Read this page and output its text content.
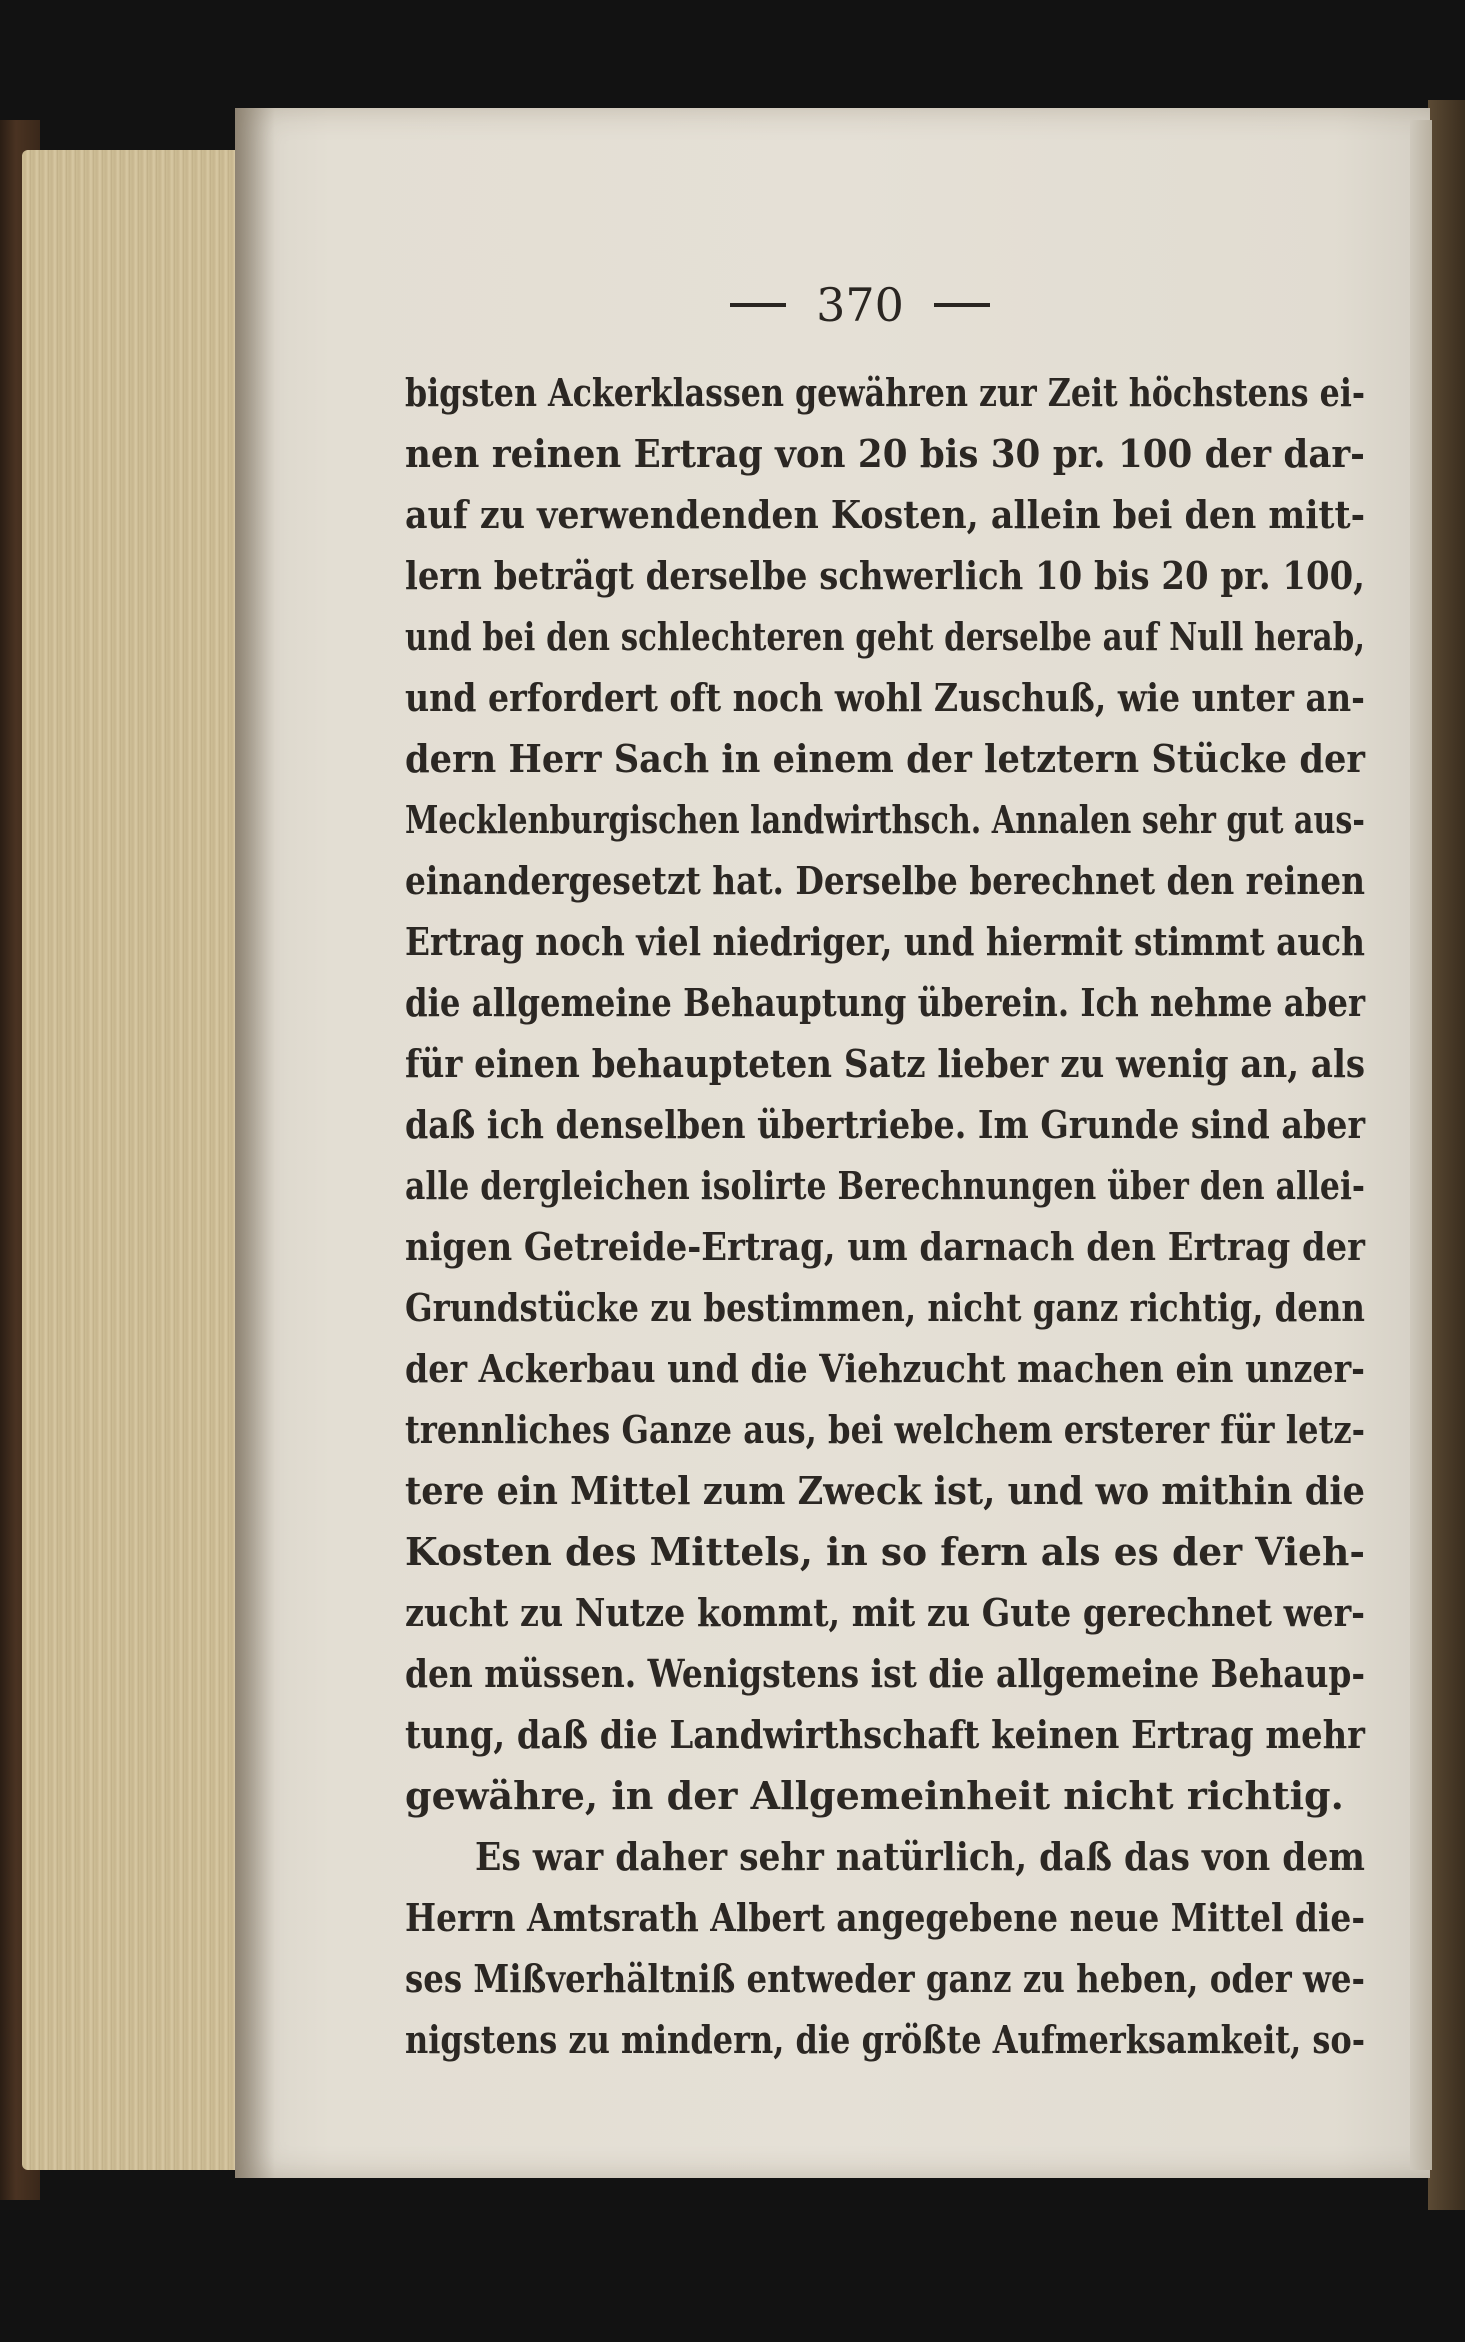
370
bigsten Ackerklassen gewähren zur Zeit höchstens ei-
nen reinen Ertrag von 20 bis 30 pr. 100 der dar-
auf zu verwendenden Kosten, allein bei den mitt-
lern beträgt derselbe schwerlich 10 bis 20 pr. 100,
und bei den schlechteren geht derselbe auf Null herab,
und erfordert oft noch wohl Zuschuß, wie unter an-
dern Herr Sach in einem der letztern Stücke der
Mecklenburgischen landwirthsch. Annalen sehr gut aus-
einandergesetzt hat. Derselbe berechnet den reinen
Ertrag noch viel niedriger, und hiermit stimmt auch
die allgemeine Behauptung überein. Ich nehme aber
für einen behaupteten Satz lieber zu wenig an, als
daß ich denselben übertriebe. Im Grunde sind aber
alle dergleichen isolirte Berechnungen über den allei-
nigen Getreide-Ertrag, um darnach den Ertrag der
Grundstücke zu bestimmen, nicht ganz richtig, denn
der Ackerbau und die Viehzucht machen ein unzer-
trennliches Ganze aus, bei welchem ersterer für letz-
tere ein Mittel zum Zweck ist, und wo mithin die
Kosten des Mittels, in so fern als es der Vieh-
zucht zu Nutze kommt, mit zu Gute gerechnet wer-
den müssen. Wenigstens ist die allgemeine Behaup-
tung, daß die Landwirthschaft keinen Ertrag mehr
gewähre, in der Allgemeinheit nicht richtig.
Es war daher sehr natürlich, daß das von dem
Herrn Amtsrath Albert angegebene neue Mittel die-
ses Mißverhältniß entweder ganz zu heben, oder we-
nigstens zu mindern, die größte Aufmerksamkeit, so-
